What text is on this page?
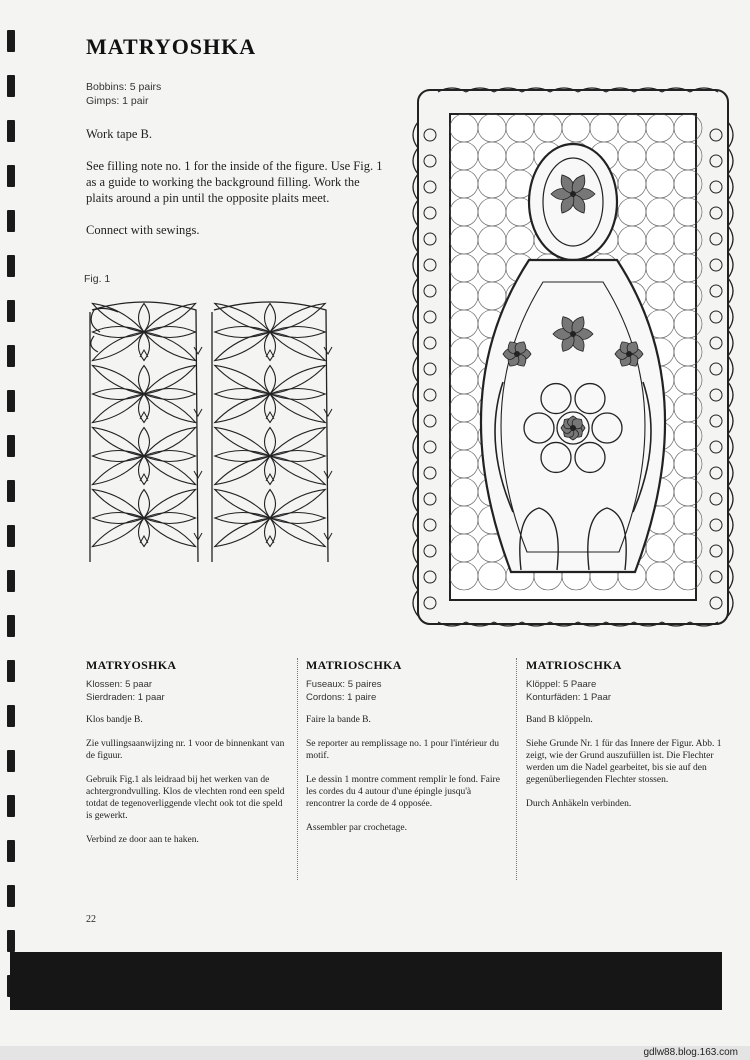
MATRYOSHKA
Bobbins: 5 pairs
Gimps: 1 pair

Work tape B.

See filling note no. 1 for the inside of the figure. Use Fig. 1 as a guide to working the background filling. Work the plaits around a pin until the opposite plaits meet.

Connect with sewings.

Fig. 1
MATRYOSHKA
Klossen: 5 paar
Sierdraden: 1 paar

Klos bandje B.

Zie vullingsaanwijzing nr. 1 voor de binnenkant van de figuur.

Gebruik Fig.1 als leidraad bij het werken van de achtergrondvulling. Klos de vlechten rond een speld totdat de tegenoverliggende vlecht ook tot die speld is gewerkt.

Verbind ze door aan te haken.

MATRIOSCHKA
Fuseaux: 5 paires
Cordons: 1 paire

Faire la bande B.

Se reporter au remplissage no. 1 pour l'intérieur du motif.

Le dessin 1 montre comment remplir le fond. Faire les cordes du 4 autour d'une épingle jusqu'à rencontrer la corde de 4 opposée.

Assembler par crochetage.

MATRIOSCHKA
Klöppel: 5 Paare
Konturfäden: 1 Paar

Band B klöppeln.

Siehe Grunde Nr. 1 für das Innere der Figur. Abb. 1 zeigt, wie der Grund auszufüllen ist. Die Flechter werden um die Nadel gearbeitet, bis sie auf den gegenüberliegenden Flechter stossen.

Durch Anhäkeln verbinden.

22
gdlw88.blog.163.com
